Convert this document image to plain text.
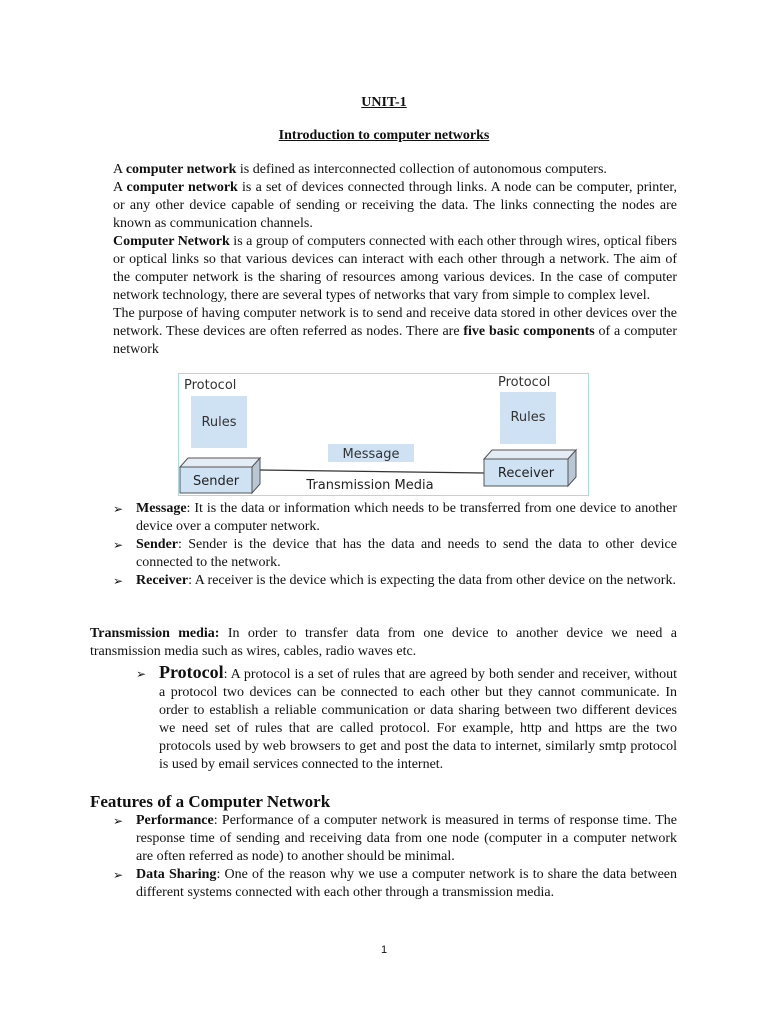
UNIT-1
Introduction to computer networks

A computer network is defined as interconnected collection of autonomous computers.

A computer network is a set of devices connected through links. A node can be computer, printer, or any other device capable of sending or receiving the data. The links connecting the nodes are known as communication channels.

Computer Network is a group of computers connected with each other through wires, optical fibers or optical links so that various devices can interact with each other through a network. The aim of the computer network is the sharing of resources among various devices. In the case of computer network technology, there are several types of networks that vary from simple to complex level.

The purpose of having computer network is to send and receive data stored in other devices over the network. These devices are often referred as nodes. There are five basic components of a computer network

Protocol
Rules
Protocol
Rules
Message
Sender	Transmission Media
Receiver
➢ Message: It is the data or information which needs to be transferred from one device to another device over a computer network.
➢ Sender: Sender is the device that has the data and needs to send the data to other device connected to the network.
➢ Receiver: A receiver is the device which is expecting the data from other device on the network.
Transmission media: In order to transfer data from one device to another device we need a transmission media such as wires, cables, radio waves etc.
➢ Protocol: A protocol is a set of rules that are agreed by both sender and receiver, without a protocol two devices can be connected to each other but they cannot communicate. In order to establish a reliable communication or data sharing between two different devices we need set of rules that are called protocol. For example, http and https are the two protocols used by web browsers to get and post the data to internet, similarly smtp protocol is used by email services connected to the internet.
Features of a Computer Network
➢ Performance: Performance of a computer network is measured in terms of response time. The response time of sending and receiving data from one node (computer in a computer network are often referred as node) to another should be minimal.
➢ Data Sharing: One of the reason why we use a computer network is to share the data between different systems connected with each other through a transmission media.
1
